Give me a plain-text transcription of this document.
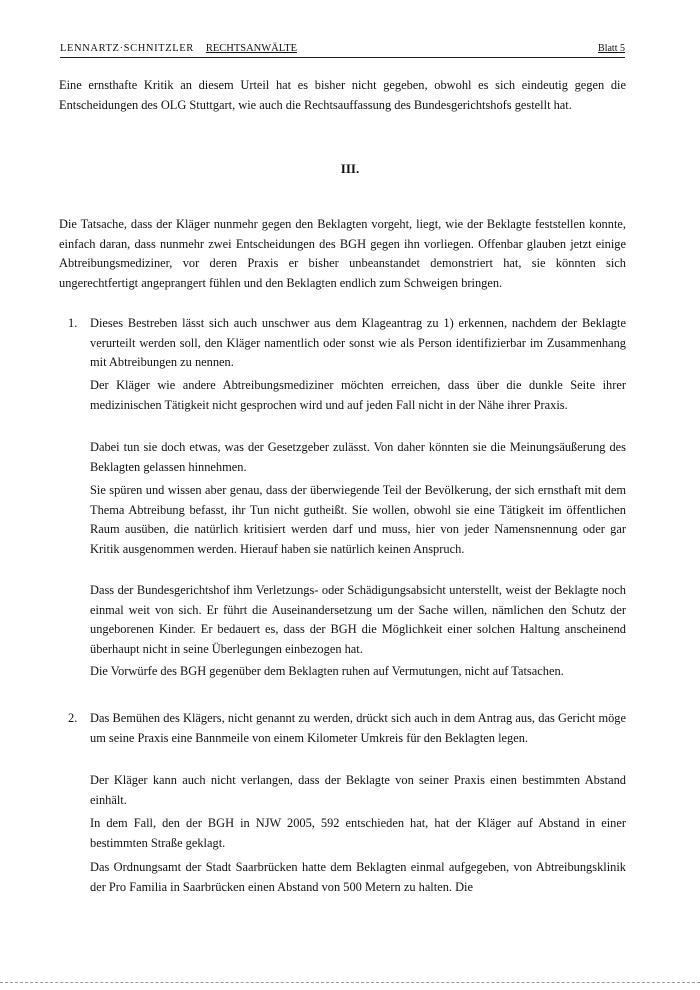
LENNARTZ·SCHNITZLER RECHTSANWÄLTE	Blatt 5
Eine ernsthafte Kritik an diesem Urteil hat es bisher nicht gegeben, obwohl es sich eindeutig gegen die Entscheidungen des OLG Stuttgart, wie auch die Rechtsauffassung des Bundesgerichtshofs gestellt hat.
III.
Die Tatsache, dass der Kläger nunmehr gegen den Beklagten vorgeht, liegt, wie der Beklagte feststellen konnte, einfach daran, dass nunmehr zwei Entscheidungen des BGH gegen ihn vorliegen. Offenbar glauben jetzt einige Abtreibungsmediziner, vor deren Praxis er bisher unbeanstandet demonstriert hat, sie könnten sich ungerechtfertigt angeprangert fühlen und den Beklagten endlich zum Schweigen bringen.
1. Dieses Bestreben lässt sich auch unschwer aus dem Klageantrag zu 1) erkennen, nachdem der Beklagte verurteilt werden soll, den Kläger namentlich oder sonst wie als Person identifizierbar im Zusammenhang mit Abtreibungen zu nennen.
Der Kläger wie andere Abtreibungsmediziner möchten erreichen, dass über die dunkle Seite ihrer medizinischen Tätigkeit nicht gesprochen wird und auf jeden Fall nicht in der Nähe ihrer Praxis.
Dabei tun sie doch etwas, was der Gesetzgeber zulässt. Von daher könnten sie die Meinungsäußerung des Beklagten gelassen hinnehmen.
Sie spüren und wissen aber genau, dass der überwiegende Teil der Bevölkerung, der sich ernsthaft mit dem Thema Abtreibung befasst, ihr Tun nicht gutheißt. Sie wollen, obwohl sie eine Tätigkeit im öffentlichen Raum ausüben, die natürlich kritisiert werden darf und muss, hier von jeder Namensnennung oder gar Kritik ausgenommen werden. Hierauf haben sie natürlich keinen Anspruch.
Dass der Bundesgerichtshof ihm Verletzungs- oder Schädigungsabsicht unterstellt, weist der Beklagte noch einmal weit von sich. Er führt die Auseinandersetzung um der Sache willen, nämlichen den Schutz der ungeborenen Kinder. Er bedauert es, dass der BGH die Möglichkeit einer solchen Haltung anscheinend überhaupt nicht in seine Überlegungen einbezogen hat.
Die Vorwürfe des BGH gegenüber dem Beklagten ruhen auf Vermutungen, nicht auf Tatsachen.
2. Das Bemühen des Klägers, nicht genannt zu werden, drückt sich auch in dem Antrag aus, das Gericht möge um seine Praxis eine Bannmeile von einem Kilometer Umkreis für den Beklagten legen.
Der Kläger kann auch nicht verlangen, dass der Beklagte von seiner Praxis einen bestimmten Abstand einhält.
In dem Fall, den der BGH in NJW 2005, 592 entschieden hat, hat der Kläger auf Abstand in einer bestimmten Straße geklagt.
Das Ordnungsamt der Stadt Saarbrücken hatte dem Beklagten einmal aufgegeben, von Abtreibungsklinik der Pro Familia in Saarbrücken einen Abstand von 500 Metern zu halten. Die
